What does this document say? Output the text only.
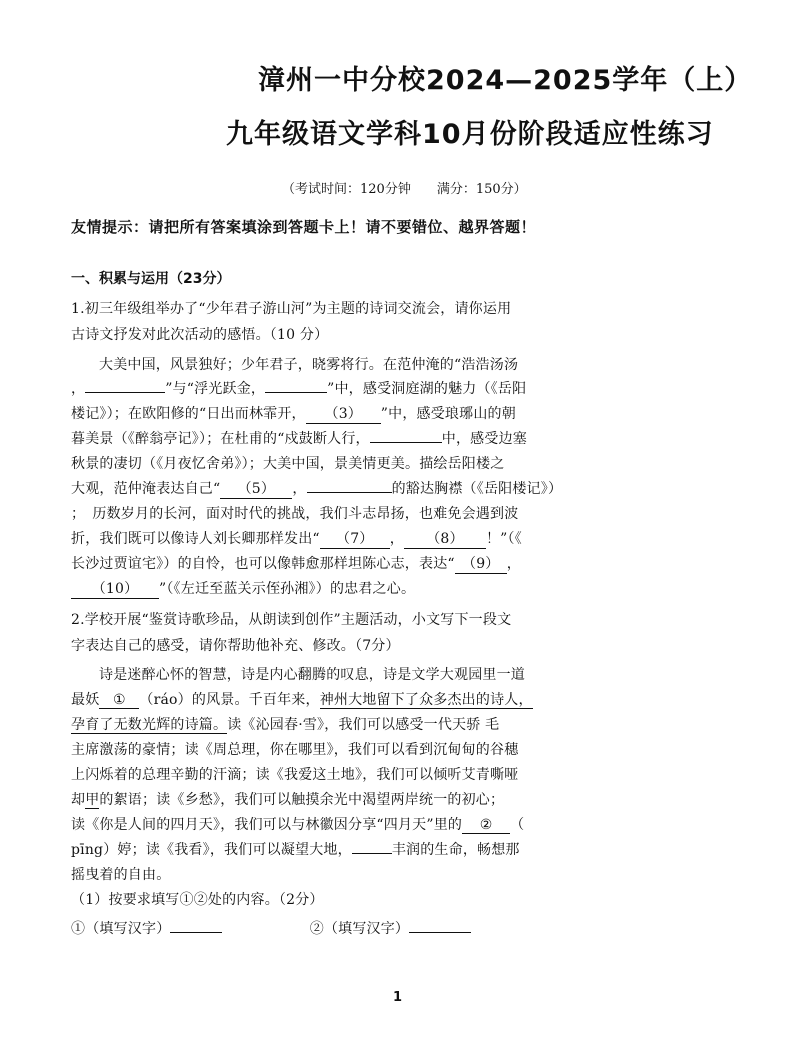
漳州一中分校2024—2025学年（上）
九年级语文学科10月份阶段适应性练习
（考试时间：120分钟 满分：150分）
友情提示：请把所有答案填涂到答题卡上！请不要错位、越界答题！
一、积累与运用（23分）
1.初三年级组举办了“少年君子游山河”为主题的诗词交流会，请你运用
古诗文抒发对此次活动的感悟。（10 分）
大美中国，风景独好；少年君子，晓雾将行。在范仲淹的“浩浩汤汤
，	”与“浮光跃金，	”中，感受洞庭湖的魅力（《岳阳
楼记》）；在欧阳修的“日出而林霏开， （3） ”中，感受琅琊山的朝
暮美景（《醉翁亭记》）；在杜甫的“戍鼓断人行，	中，感受边塞
秋景的凄切（《月夜忆舍弟》）；大美中国，景美情更美。描绘岳阳楼之
大观，范仲淹表达自己“ （5） ，	的豁达胸襟（《岳阳楼记》）
；　历数岁月的长河，面对时代的挑战，我们斗志昂扬，也难免会遇到波
折，我们既可以像诗人刘长卿那样发出“ （7） ， （8） ！”（《
长沙过贾谊宅》）的自怜，也可以像韩愈那样坦陈心志，表达“ （9） ，
（10） ”（《左迁至蓝关示侄孙湘》）的忠君之心。
2.学校开展“鉴赏诗歌珍品，从朗读到创作”主题活动，小文写下一段文
字表达自己的感受，请你帮助他补充、修改。（7分）
诗是迷醉心怀的智慧，诗是内心翻腾的叹息，诗是文学大观园里一道
最妖 ① （ráo）的风景。千百年来，神州大地留下了众多杰出的诗人，
孕育了无数光辉的诗篇。读《沁园春·雪》，我们可以感受一代天骄 毛
主席激荡的豪情；读《周总理，你在哪里》，我们可以看到沉甸甸的谷穗
上闪烁着的总理辛勤的汗滴；读《我爱这土地》，我们可以倾听艾青嘶哑
却甲的絮语；读《乡愁》，我们可以触摸余光中渴望两岸统一的初心；
读《你是人间的四月天》，我们可以与林徽因分享“四月天”里的 ② （
pīng）婷；读《我看》，我们可以凝望大地，	丰润的生命，畅想那
摇曳着的自由。
（1）按要求填写①②处的内容。（2分）
①（填写汉字）	②（填写汉字）
1
